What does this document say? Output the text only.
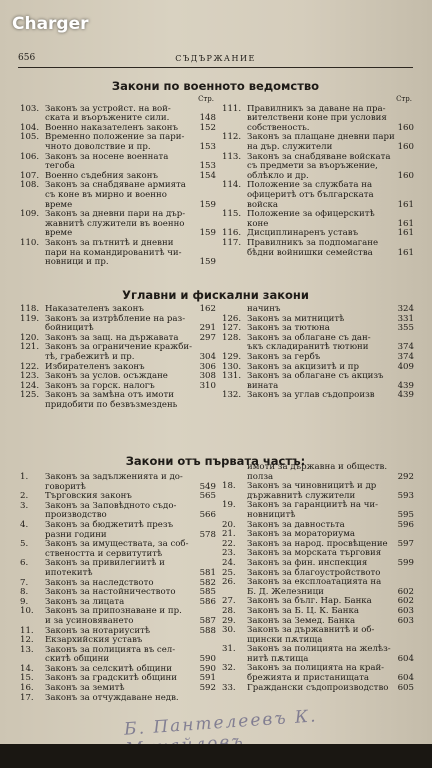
Charger
656	СЪДЪРЖАНИЕ
Закони по военното ведомство
Стр.
103. Законъ за устройст. на вой-
ската и въоръжените сили.	148
104. Военно наказателенъ законъ	152
105. Временно положение за пари-
чното доволствие и пр.	153
106. Законъ за носене военната
тегоба	153
107. Военно съдебния законъ	154
108. Законъ за снабдяване армията
съ коне въ мирно и военно
време	159
109. Законъ за дневни пари на дър-
жавнитѣ служители въ военно
време	159
110. Законъ за пътнитѣ и дневни
пари на командированитѣ чи-
новници и пр.	159
Стр.
111. Правилникъ за даване на пра-
вителствени коне при условия
собственость.	160
112. Законъ за плащане дневни пари
на дър. служители	160
113. Законъ за снабдяване войската
съ предмети за въоръжение,
облѣкло и др.	160
114. Положение за службата на
офицеритѣ отъ българската
войска	161
115. Положение за офицерскитѣ
коне	161
116. Дисциплинаренъ уставъ	161
117. Правилникъ за подпомагане
бѣдни войнишки семейства	161
Углавни и фискални закони
118. Наказателенъ законъ	162
119. Законъ за изтрѣбление на раз-
бойницитѣ	291
120. Законъ за защ. на държавата	297
121. Законъ за ограничение кражби-
тѣ, грабежитѣ и пр.	304
122. Избирателенъ законъ	306
123. Законъ за услов. осъждане	308
124. Законъ за горск. налогъ	310
125. Законъ за замѣна отъ имоти
придобити по безвъзмездень
начинъ	324
126. Законъ за митницитѣ	331
127. Законъ за тютюна	355
128. Законъ за облагане съ дан-
ъкъ складиранитѣ тютюни	374
129. Законъ за гербъ	374
130. Законъ за акцизитѣ и пр	409
131. Законъ за облагане съ акцизъ
вината	439
132. Законъ за углав съдопроизв	439
Закони отъ първата частъ:
1.	Законъ за задълженията и до-
говоритѣ	549
2.	Търговския законъ	565
3.	Законъ за Заповѣдното съдо-
производство	566
4.	Законъ за бюджетитѣ презъ
разни години	578
5.	Законъ за имуществата, за соб-
ствеността и сервитутитѣ
6.	Законъ за привилегиитѣ и
ипотекитѣ	581
7.	Законъ за наследството	582
8.	Законъ за настойничеството	585
9.	Законъ за лицата	586
10.	Законъ за припознаване и пр.
и за усиновяването	587
11.	Законъ за нотариуситѣ	588
12.	Екзархийския уставъ
13.	Законъ за полицията въ сел-
скитѣ общини	590
14.	Законъ за селскитѣ общини	590
15.	Законъ за градскитѣ общини	591
16.	Законъ за земитѣ	592
17.	Законъ за отчуждаване недв.
имоти за държавна и обществ.
полза	292
18.	Законъ за чиновницитѣ и др
държавнитѣ служители	593
19.	Законъ за гаранциитѣ на чи-
новницитѣ	595
20.	Законъ за давностьта	596
21.	Законъ за мораториума
22.	Законъ за народ. просвѣщение	597
23.	Законъ за морската търговия
24.	Законъ за фин. инспекция	599
25.	Законъ за благоустройството
26.	Законъ за експлоатацията на
Б. Д. Железници	602
27.	Законъ за бълг. Нар. Банка	602
28.	Законъ за Б. Ц. К. Банка	603
29.	Законъ за Земед. Банка	603
30.	Законъ за държавнитѣ и об-
щински пѫтища
31.	Законъ за полицията на желѣз-
нитѣ пѫтища	604
32.	Законъ за полицията на край-
брежията и пристанищата	604
33.	Граждански съдопроизводство	605
Б. Пантелеевъ К.
